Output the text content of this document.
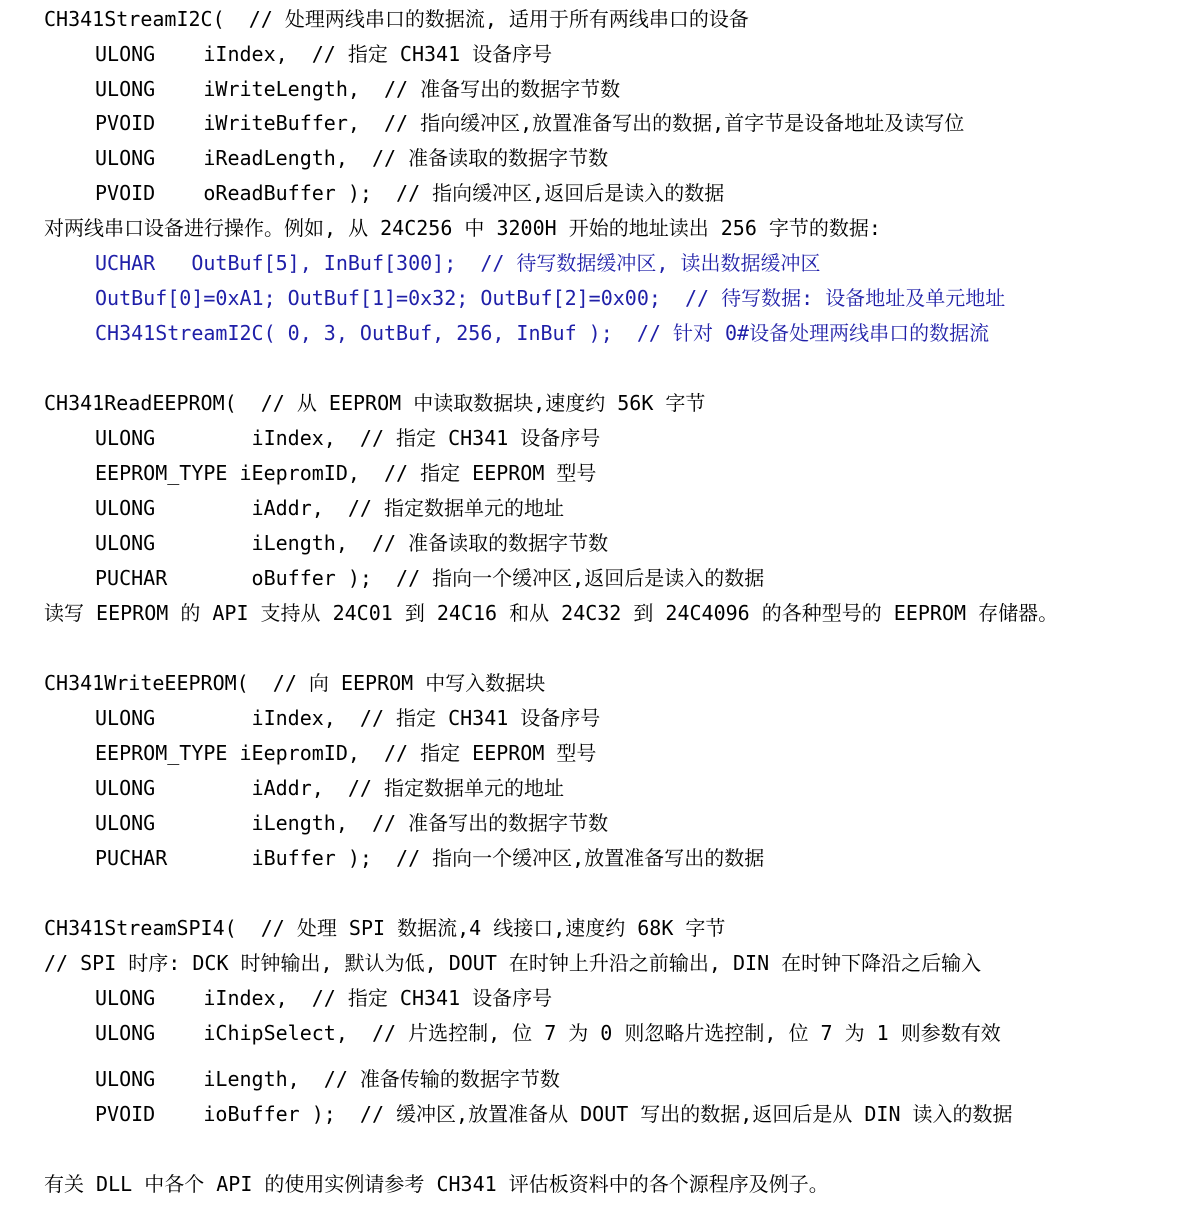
CH341StreamI2C(  // 处理两线串口的数据流, 适用于所有两线串口的设备
ULONG    iIndex,  // 指定 CH341 设备序号
ULONG    iWriteLength,  // 准备写出的数据字节数
PVOID    iWriteBuffer,  // 指向缓冲区,放置准备写出的数据,首字节是设备地址及读写位
ULONG    iReadLength,  // 准备读取的数据字节数
PVOID    oReadBuffer );  // 指向缓冲区,返回后是读入的数据
对两线串口设备进行操作。例如, 从 24C256 中 3200H 开始的地址读出 256 字节的数据:
UCHAR   OutBuf[5], InBuf[300];  // 待写数据缓冲区, 读出数据缓冲区
OutBuf[0]=0xA1; OutBuf[1]=0x32; OutBuf[2]=0x00;  // 待写数据: 设备地址及单元地址
CH341StreamI2C( 0, 3, OutBuf, 256, InBuf );  // 针对 0#设备处理两线串口的数据流
CH341ReadEEPROM(  // 从 EEPROM 中读取数据块,速度约 56K 字节
ULONG        iIndex,  // 指定 CH341 设备序号
EEPROM_TYPE iEepromID,  // 指定 EEPROM 型号
ULONG        iAddr,  // 指定数据单元的地址
ULONG        iLength,  // 准备读取的数据字节数
PUCHAR       oBuffer );  // 指向一个缓冲区,返回后是读入的数据
读写 EEPROM 的 API 支持从 24C01 到 24C16 和从 24C32 到 24C4096 的各种型号的 EEPROM 存储器。
CH341WriteEEPROM(  // 向 EEPROM 中写入数据块
ULONG        iIndex,  // 指定 CH341 设备序号
EEPROM_TYPE iEepromID,  // 指定 EEPROM 型号
ULONG        iAddr,  // 指定数据单元的地址
ULONG        iLength,  // 准备写出的数据字节数
PUCHAR       iBuffer );  // 指向一个缓冲区,放置准备写出的数据
CH341StreamSPI4(  // 处理 SPI 数据流,4 线接口,速度约 68K 字节
// SPI 时序: DCK 时钟输出, 默认为低, DOUT 在时钟上升沿之前输出, DIN 在时钟下降沿之后输入
ULONG    iIndex,  // 指定 CH341 设备序号
ULONG    iChipSelect,  // 片选控制, 位 7 为 0 则忽略片选控制, 位 7 为 1 则参数有效
ULONG    iLength,  // 准备传输的数据字节数
PVOID    ioBuffer );  // 缓冲区,放置准备从 DOUT 写出的数据,返回后是从 DIN 读入的数据
有关 DLL 中各个 API 的使用实例请参考 CH341 评估板资料中的各个源程序及例子。
